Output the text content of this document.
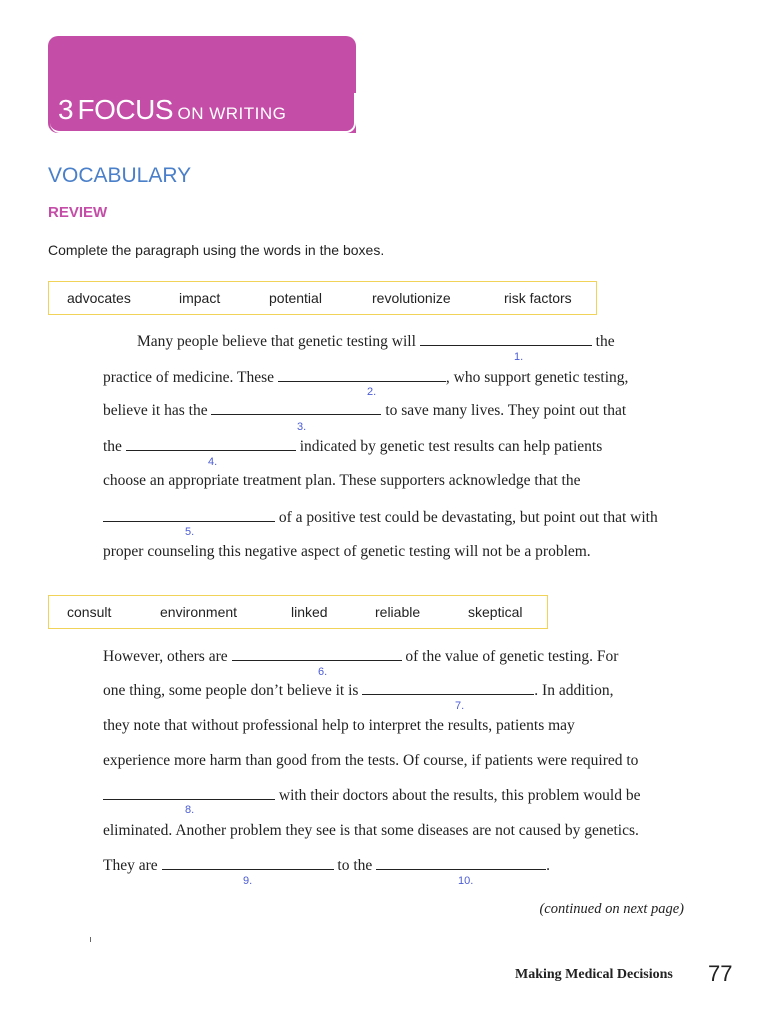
3 FOCUS ON WRITING
VOCABULARY
REVIEW

Complete the paragraph using the words in the boxes.

advocates	impact	potential	revolutionize	risk factors
Many people believe that genetic testing will	the
1.
practice of medicine. These	, who support genetic testing,
2.
believe it has the	to save many lives. They point out that
3.
the	indicated by genetic test results can help patients
4.
choose an appropriate treatment plan. These supporters acknowledge that the
of a positive test could be devastating, but point out that with
5.
proper counseling this negative aspect of genetic testing will not be a problem.
consult	environment	linked	reliable	skeptical
However, others are	of the value of genetic testing. For
6.
one thing, some people don’t believe it is	. In addition,
7.
they note that without professional help to interpret the results, patients may
experience more harm than good from the tests. Of course, if patients were required to
with their doctors about the results, this problem would be
8.
eliminated. Another problem they see is that some diseases are not caused by genetics.
They are	to the	.
9.	10.

(continued on next page)

Making Medical Decisions 77
